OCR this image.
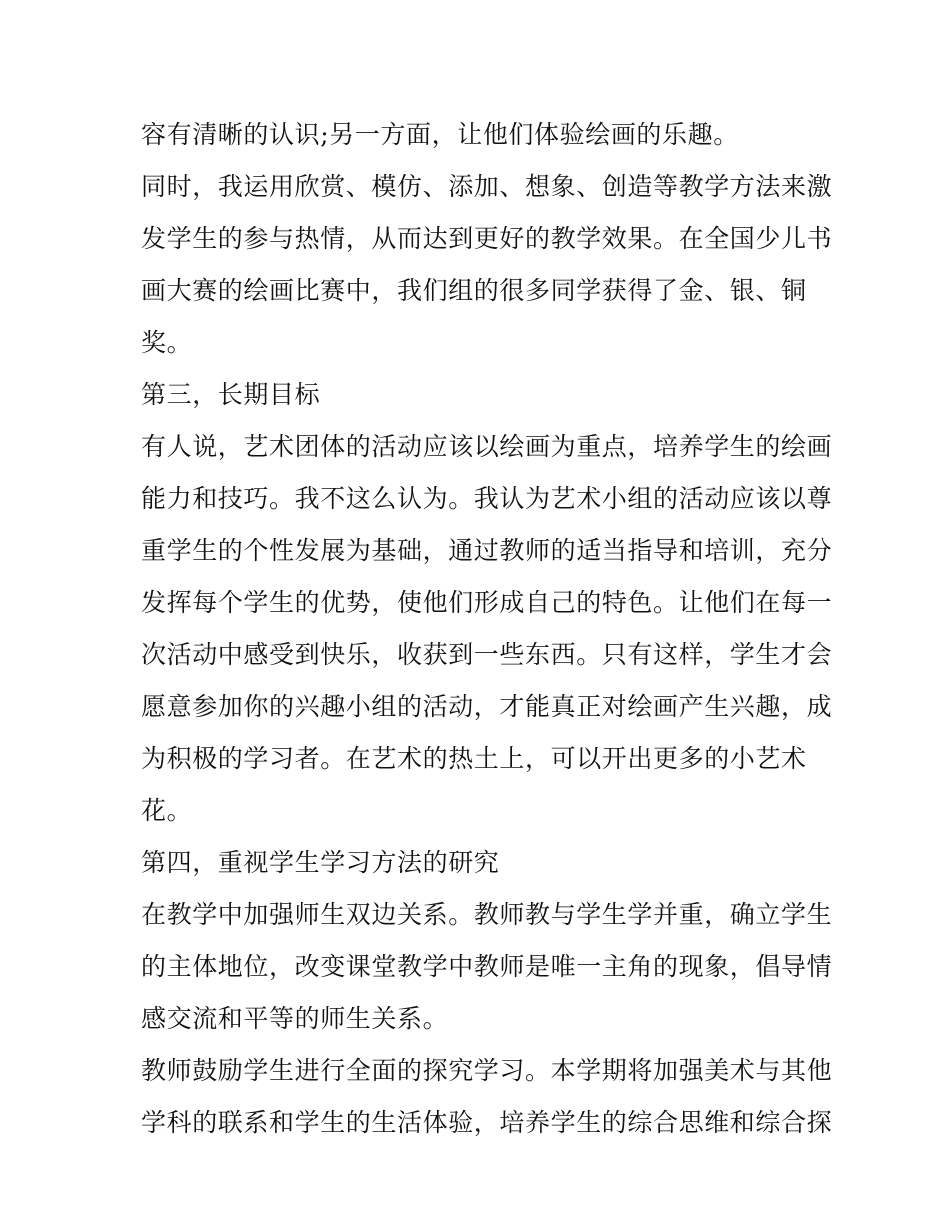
容有清晰的认识;另一方面，让他们体验绘画的乐趣。
同时，我运用欣赏、模仿、添加、想象、创造等教学方法来激
发学生的参与热情，从而达到更好的教学效果。在全国少儿书
画大赛的绘画比赛中，我们组的很多同学获得了金、银、铜
奖。
第三，长期目标
有人说，艺术团体的活动应该以绘画为重点，培养学生的绘画
能力和技巧。我不这么认为。我认为艺术小组的活动应该以尊
重学生的个性发展为基础，通过教师的适当指导和培训，充分
发挥每个学生的优势，使他们形成自己的特色。让他们在每一
次活动中感受到快乐，收获到一些东西。只有这样，学生才会
愿意参加你的兴趣小组的活动，才能真正对绘画产生兴趣，成
为积极的学习者。在艺术的热土上，可以开出更多的小艺术
花。
第四，重视学生学习方法的研究
在教学中加强师生双边关系。教师教与学生学并重，确立学生
的主体地位，改变课堂教学中教师是唯一主角的现象，倡导情
感交流和平等的师生关系。
教师鼓励学生进行全面的探究学习。本学期将加强美术与其他
学科的联系和学生的生活体验，培养学生的综合思维和综合探
